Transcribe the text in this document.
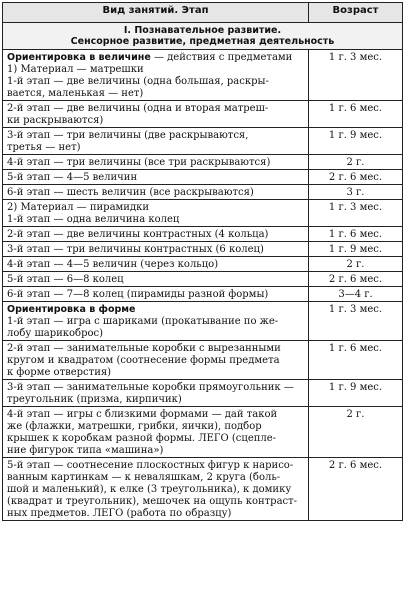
Вид занятий. Этап	Возраст

I. Познавательное развитие.
Сенсорное развитие, предметная деятельность	

Ориентировка в величине — действия с предметами
1) Материал — матрешки
1-й этап — две величины (одна большая, раскры-
вается, маленькая — нет)	1 г. 3 мес.

2-й этап — две величины (одна и вторая матреш-
ки раскрываются)	1 г. 6 мес.

3-й этап — три величины (две раскрываются,
третья — нет)	1 г. 9 мес.

4-й этап — три величины (все три раскрываются)	2 г.

5-й этап — 4—5 величин	2 г. 6 мес.

6-й этап — шесть величин (все раскрываются)	3 г.

2) Материал — пирамидки
1-й этап — одна величина колец	1 г. 3 мес.

2-й этап — две величины контрастных (4 кольца)	1 г. 6 мес.

3-й этап — три величины контрастных (6 колец)	1 г. 9 мес.

4-й этап — 4—5 величин (через кольцо)	2 г.

5-й этап — 6—8 колец	2 г. 6 мес.

6-й этап — 7—8 колец (пирамиды разной формы)	3—4 г.

Ориентировка в форме
1-й этап — игра с шариками (прокатывание по же-
лобу шарикоброс)	1 г. 3 мес.

2-й этап — занимательные коробки с вырезанными
кругом и квадратом (соотнесение формы предмета
к форме отверстия)	1 г. 6 мес.

3-й этап — занимательные коробки прямоугольник —
треугольник (призма, кирпичик)	1 г. 9 мес.

4-й этап — игры с близкими формами — дай такой
же (флажки, матрешки, грибки, яички), подбор
крышек к коробкам разной формы. ЛЕГО (сцепле-
ние фигурок типа «машина»)	2 г.

5-й этап — соотнесение плоскостных фигур к нарисо-
ванным картинкам — к неваляшкам, 2 круга (боль-
шой и маленький), к елке (3 треугольника), к домику
(квадрат и треугольник), мешочек на ощупь контраст-
ных предметов. ЛЕГО (работа по образцу)	2 г. 6 мес.
